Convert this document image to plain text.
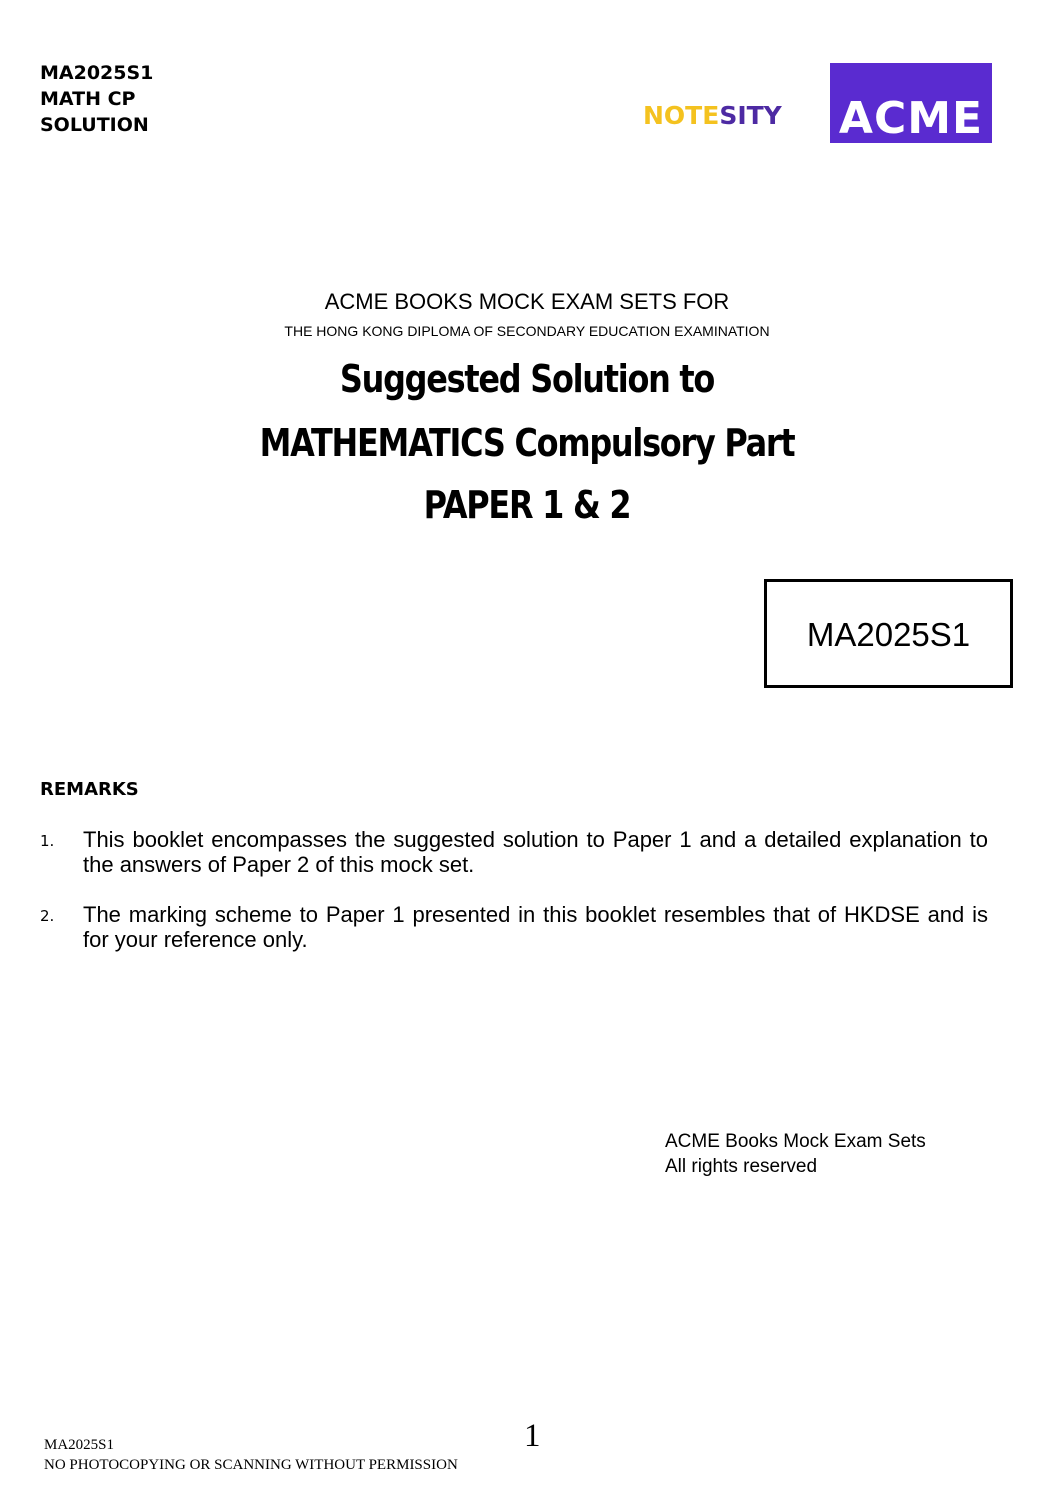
MA2025S1
MATH CP
SOLUTION	NOTESITY ACME
ACME BOOKS MOCK EXAM SETS FOR
THE HONG KONG DIPLOMA OF SECONDARY EDUCATION EXAMINATION
Suggested Solution to
MATHEMATICS Compulsory Part
PAPER 1 & 2
MA2025S1
REMARKS
1. This booklet encompasses the suggested solution to Paper 1 and a detailed explanation to the answers of Paper 2 of this mock set.
2. The marking scheme to Paper 1 presented in this booklet resembles that of HKDSE and is for your reference only.
ACME Books Mock Exam Sets
All rights reserved
MA2025S1	1
NO PHOTOCOPYING OR SCANNING WITHOUT PERMISSION
